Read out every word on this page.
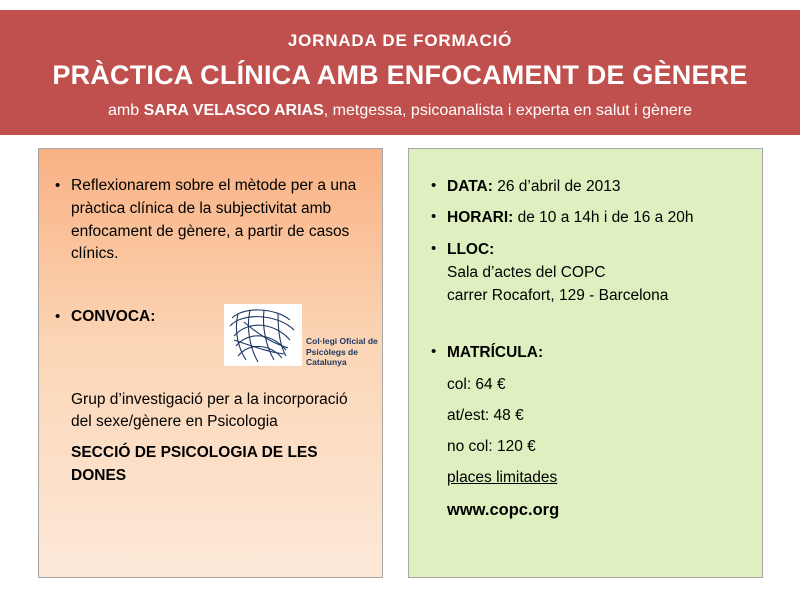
JORNADA DE FORMACIÓ
PRÀCTICA CLÍNICA AMB ENFOCAMENT DE GÈNERE
amb SARA VELASCO ARIAS, metgessa, psicoanalista i experta en salut i gènere
• Reflexionarem sobre el mètode per a una pràctica clínica de la subjectivitat amb enfocament de gènere, a partir de casos clínics.
• CONVOCA:
Grup d’investigació per a la incorporació del sexe/gènere en Psicologia
SECCIÓ DE PSICOLOGIA DE LES DONES
Col·legi Oficial de
Psicòlegs de Catalunya
• DATA: 26 d’abril de 2013
• HORARI: de 10 a 14h i de 16 a 20h
• LLOC:
Sala d’actes del COPC
carrer Rocafort, 129 - Barcelona
• MATRÍCULA:
col: 64 €
at/est: 48 €
no col: 120 €
places limitades
www.copc.org
